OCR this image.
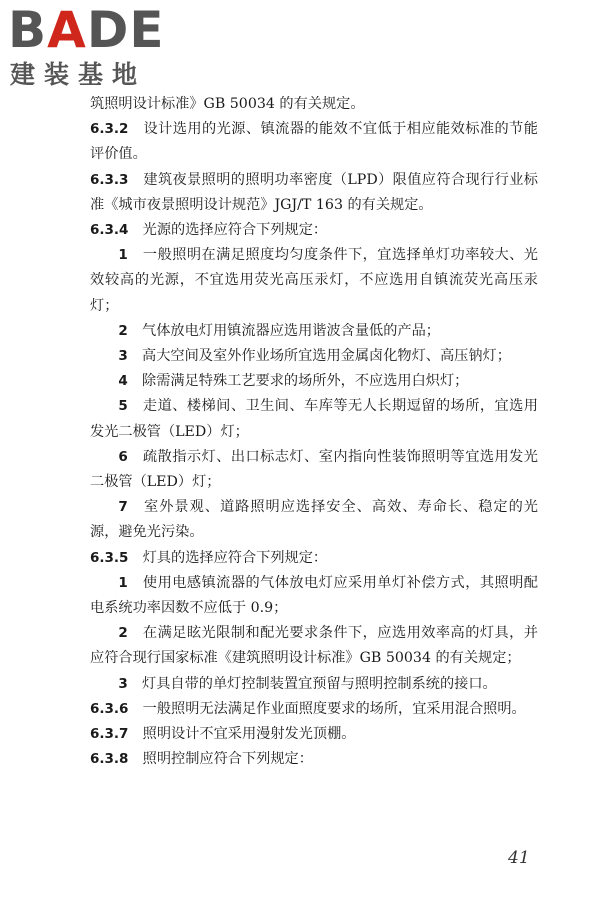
BADE
建装基地

筑照明设计标准》GB 50034 的有关规定。

6.3.2　 设计选用的光源、镇流器的能效不宜低于相应能效标准的节能评价值。

6.3.3　 建筑夜景照明的照明功率密度（LPD）限值应符合现行行业标准《城市夜景照明设计规范》JGJ/T 163 的有关规定。

6.3.4　 光源的选择应符合下列规定：

1　 一般照明在满足照度均匀度条件下，宜选择单灯功率较大、光效较高的光源，不宜选用荧光高压汞灯，不应选用自镇流荧光高压汞灯；

2　 气体放电灯用镇流器应选用谐波含量低的产品；

3　 高大空间及室外作业场所宜选用金属卤化物灯、高压钠灯；

4　 除需满足特殊工艺要求的场所外，不应选用白炽灯；

5　 走道、楼梯间、卫生间、车库等无人长期逗留的场所，宜选用发光二极管（LED）灯；

6　 疏散指示灯、出口标志灯、室内指向性装饰照明等宜选用发光二极管（LED）灯；

7　 室外景观、道路照明应选择安全、高效、寿命长、稳定的光源，避免光污染。

6.3.5　 灯具的选择应符合下列规定：

1　 使用电感镇流器的气体放电灯应采用单灯补偿方式，其照明配电系统功率因数不应低于 0.9；

2　 在满足眩光限制和配光要求条件下，应选用效率高的灯具，并应符合现行国家标准《建筑照明设计标准》GB 50034 的有关规定；

3　 灯具自带的单灯控制装置宜预留与照明控制系统的接口。

6.3.6　 一般照明无法满足作业面照度要求的场所，宜采用混合照明。

6.3.7　 照明设计不宜采用漫射发光顶棚。

6.3.8　 照明控制应符合下列规定：

41
